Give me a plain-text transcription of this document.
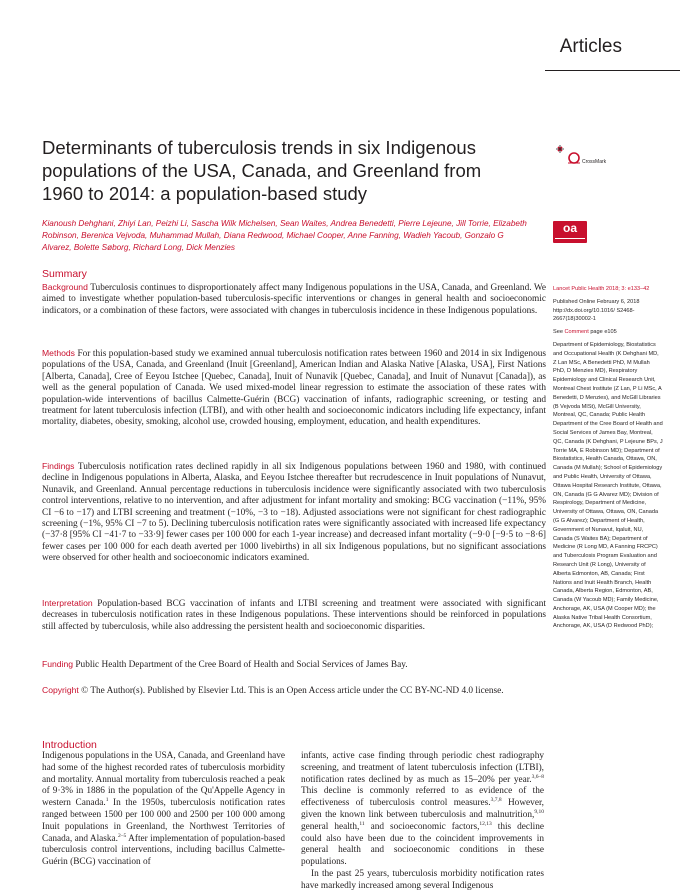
Articles
Determinants of tuberculosis trends in six Indigenous populations of the USA, Canada, and Greenland from 1960 to 2014: a population-based study
CrossMark
Kianoush Dehghani, Zhiyi Lan, Peizhi Li, Sascha Wilk Michelsen, Sean Waites, Andrea Benedetti, Pierre Lejeune, Jill Torrie, Elizabeth Robinson, Berenica Vejvoda, Muhammad Mullah, Diana Redwood, Michael Cooper, Anne Fanning, Wadieh Yacoub, Gonzalo G Alvarez, Bolette Søborg, Richard Long, Dick Menzies
oa
Summary

Background Tuberculosis continues to disproportionately affect many Indigenous populations in the USA, Canada, and Greenland. We aimed to investigate whether population-based tuberculosis-specific interventions or changes in general health and socioeconomic indicators, or a combination of these factors, were associated with changes in tuberculosis incidence in these Indigenous populations.

Methods For this population-based study we examined annual tuberculosis notification rates between 1960 and 2014 in six Indigenous populations of the USA, Canada, and Greenland (Inuit [Greenland], American Indian and Alaska Native [Alaska, USA], First Nations [Alberta, Canada], Cree of Eeyou Istchee [Quebec, Canada], Inuit of Nunavik [Quebec, Canada], and Inuit of Nunavut [Canada]), as well as the general population of Canada. We used mixed-model linear regression to estimate the association of these rates with population-wide interventions of bacillus Calmette-Guérin (BCG) vaccination of infants, radiographic screening, or testing and treatment for latent tuberculosis infection (LTBI), and with other health and socioeconomic indicators including life expectancy, infant mortality, diabetes, obesity, smoking, alcohol use, crowded housing, employment, education, and health expenditures.

Findings Tuberculosis notification rates declined rapidly in all six Indigenous populations between 1960 and 1980, with continued decline in Indigenous populations in Alberta, Alaska, and Eeyou Istchee thereafter but recrudescence in Inuit populations of Nunavut, Nunavik, and Greenland. Annual percentage reductions in tuberculosis incidence were significantly associated with two tuberculosis control interventions, relative to no intervention, and after adjustment for infant mortality and smoking: BCG vaccination (−11%, 95% CI −6 to −17) and LTBI screening and treatment (−10%, −3 to −18). Adjusted associations were not significant for chest radiographic screening (−1%, 95% CI −7 to 5). Declining tuberculosis notification rates were significantly associated with increased life expectancy (−37·8 [95% CI −41·7 to −33·9] fewer cases per 100 000 for each 1-year increase) and decreased infant mortality (−9·0 [−9·5 to −8·6] fewer cases per 100 000 for each death averted per 1000 livebirths) in all six Indigenous populations, but no significant associations were observed for other health and socioeconomic indicators examined.

Interpretation Population-based BCG vaccination of infants and LTBI screening and treatment were associated with significant decreases in tuberculosis notification rates in these Indigenous populations. These interventions should be reinforced in populations still affected by tuberculosis, while also addressing the persistent health and socioeconomic disparities.

Funding Public Health Department of the Cree Board of Health and Social Services of James Bay.

Copyright © The Author(s). Published by Elsevier Ltd. This is an Open Access article under the CC BY-NC-ND 4.0 license.

Introduction

Indigenous populations in the USA, Canada, and Greenland have had some of the highest recorded rates of tuberculosis morbidity and mortality. Annual mortality from tuberculosis reached a peak of 9·3% in 1886 in the population of the Qu'Appelle Agency in western Canada.$^1$ In the 1950s, tuberculosis notification rates ranged between 1500 per 100 000 and 2500 per 100 000 among Inuit populations in Greenland, the Northwest Territories of Canada, and Alaska.$^{2-5}$ After implementation of population-based tuberculosis control interventions, including bacillus Calmette-Guérin (BCG) vaccination of

infants, active case finding through periodic chest radiography screening, and treatment of latent tuberculosis infection (LTBI), notification rates declined by as much as 15–20% per year.$^{3,6-8}$ This decline is commonly referred to as evidence of the effectiveness of tuberculosis control measures.$^{3,7,8}$ However, given the known link between tuberculosis and malnutrition,$^{9,10}$ general health,$^{11}$ and socioeconomic factors,$^{12,13}$ this decline could also have been due to the coincident improvements in general health and socioeconomic conditions in these populations.
In the past 25 years, tuberculosis morbidity notification rates have markedly increased among several Indigenous

Lancet Public Health 2018; 3: e133–42

Published Online February 6, 2018 http://dx.doi.org/10.1016/ S2468-2667(18)30002-1

See Comment page e105

Department of Epidemiology, Biostatistics and Occupational Health (K Dehghani MD, Z Lan MSc, A Benedetti PhD, M Mullah PhD, D Menzies MD), Respiratory Epidemiology and Clinical Research Unit, Montreal Chest Institute (Z Lan, P Li MSc, A Benedetti, D Menzies), and McGill Libraries (B Vejvoda MISt), McGill University, Montreal, QC, Canada; Public Health Department of the Cree Board of Health and Social Services of James Bay, Montreal, QC, Canada (K Dehghani, P Lejeune BPs, J Torrie MA, E Robinson MD); Department of Biostatistics, Health Canada, Ottawa, ON, Canada (M Mullah); School of Epidemiology and Public Health, University of Ottawa, Ottawa Hospital Research Institute, Ottawa, ON, Canada (G G Alvarez MD); Division of Respirology, Department of Medicine, University of Ottawa, Ottawa, ON, Canada (G G Alvarez); Department of Health, Government of Nunavut, Iqaluit, NU, Canada (S Waites BA); Department of Medicine (R Long MD, A Fanning FRCPC) and Tuberculosis Program Evaluation and Research Unit (R Long), University of Alberta Edmonton, AB, Canada; First Nations and Inuit Health Branch, Health Canada, Alberta Region, Edmonton, AB, Canada (W Yacoub MD); Family Medicine, Anchorage, AK, USA (M Cooper MD); the Alaska Native Tribal Health Consortium, Anchorage, AK, USA (D Redwood PhD);
